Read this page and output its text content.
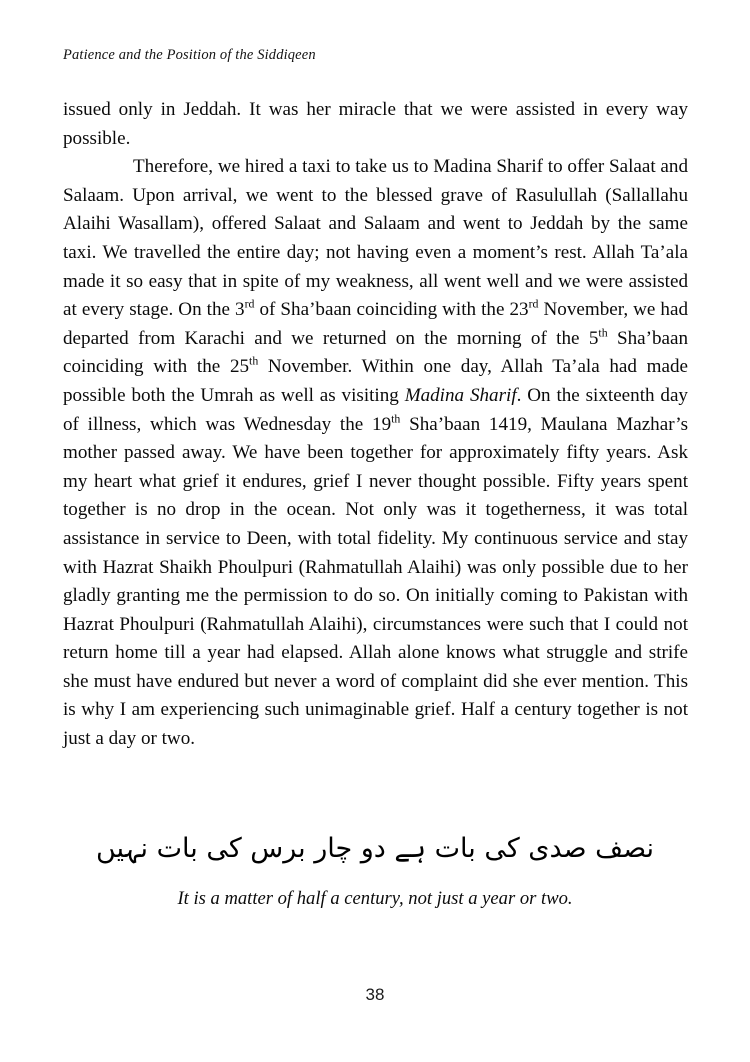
Patience and the Position of the Siddiqeen

issued only in Jeddah. It was her miracle that we were assisted in every way possible.

Therefore, we hired a taxi to take us to Madina Sharif to offer Salaat and Salaam. Upon arrival, we went to the blessed grave of Rasulullah (Sallallahu Alaihi Wasallam), offered Salaat and Salaam and went to Jeddah by the same taxi. We travelled the entire day; not having even a moment’s rest. Allah Ta’ala made it so easy that in spite of my weakness, all went well and we were assisted at every stage. On the 3rd of Sha’baan coinciding with the 23rd November, we had departed from Karachi and we returned on the morning of the 5th Sha’baan coinciding with the 25th November. Within one day, Allah Ta’ala had made possible both the Umrah as well as visiting Madina Sharif. On the sixteenth day of illness, which was Wednesday the 19th Sha’baan 1419, Maulana Mazhar’s mother passed away. We have been together for approximately fifty years. Ask my heart what grief it endures, grief I never thought possible. Fifty years spent together is no drop in the ocean. Not only was it togetherness, it was total assistance in service to Deen, with total fidelity. My continuous service and stay with Hazrat Shaikh Phoulpuri (Rahmatullah Alaihi) was only possible due to her gladly granting me the permission to do so. On initially coming to Pakistan with Hazrat Phoulpuri (Rahmatullah Alaihi), circumstances were such that I could not return home till a year had elapsed. Allah alone knows what struggle and strife she must have endured but never a word of complaint did she ever mention. This is why I am experiencing such unimaginable grief. Half a century together is not just a day or two.

نصف صدی کی بات ہے دو چار برس کی بات نہیں
It is a matter of half a century, not just a year or two.
38
